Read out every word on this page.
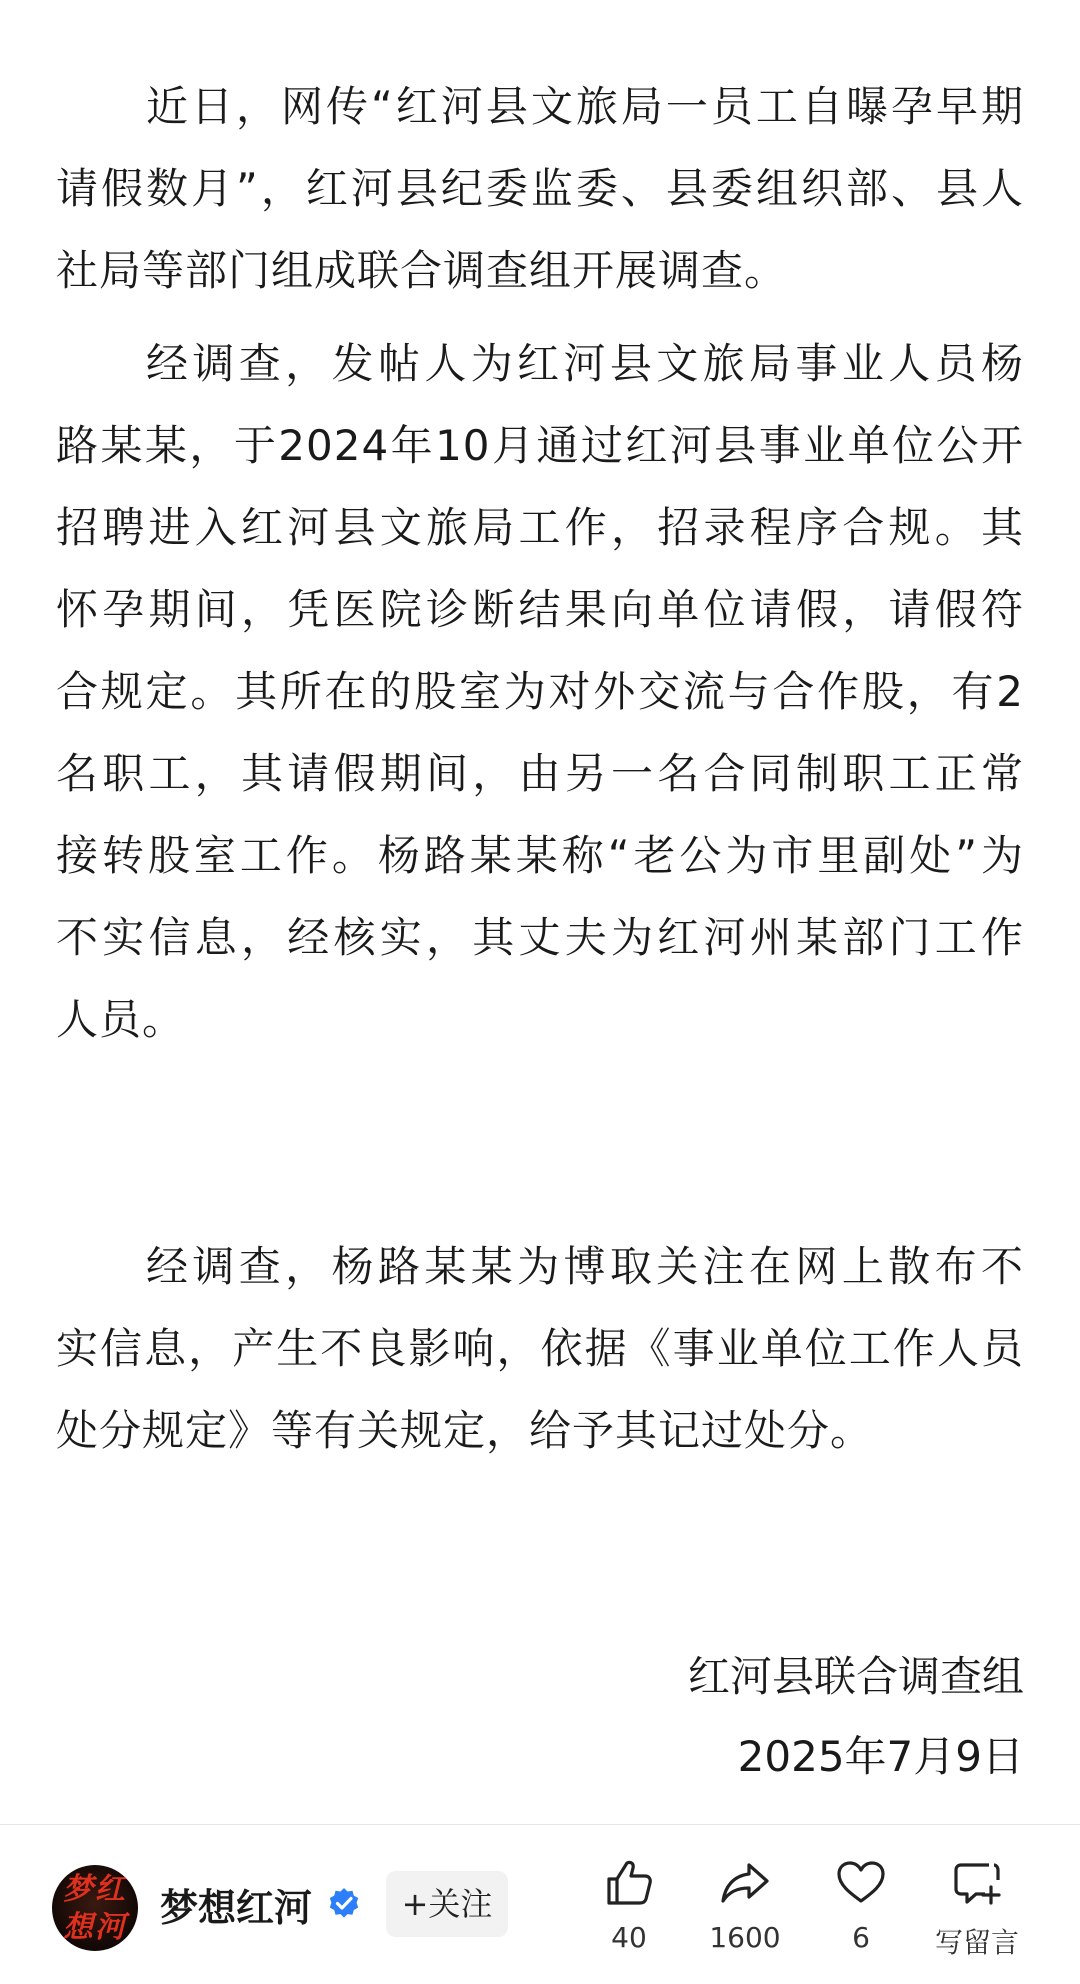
近日，网传“红河县文旅局一员工自曝孕早期
请假数月”，红河县纪委监委、县委组织部、县人
社局等部门组成联合调查组开展调查。
经调查，发帖人为红河县文旅局事业人员杨
路某某，于2024年10月通过红河县事业单位公开
招聘进入红河县文旅局工作，招录程序合规。其
怀孕期间，凭医院诊断结果向单位请假，请假符
合规定。其所在的股室为对外交流与合作股，有2
名职工，其请假期间，由另一名合同制职工正常
接转股室工作。杨路某某称“老公为市里副处”为
不实信息，经核实，其丈夫为红河州某部门工作
人员。
经调查，杨路某某为博取关注在网上散布不
实信息，产生不良影响，依据《事业单位工作人员
处分规定》等有关规定，给予其记过处分。
红河县联合调查组
2025年7月9日
梦红想河 梦想红河	+关注
40	1600	6	写留言
